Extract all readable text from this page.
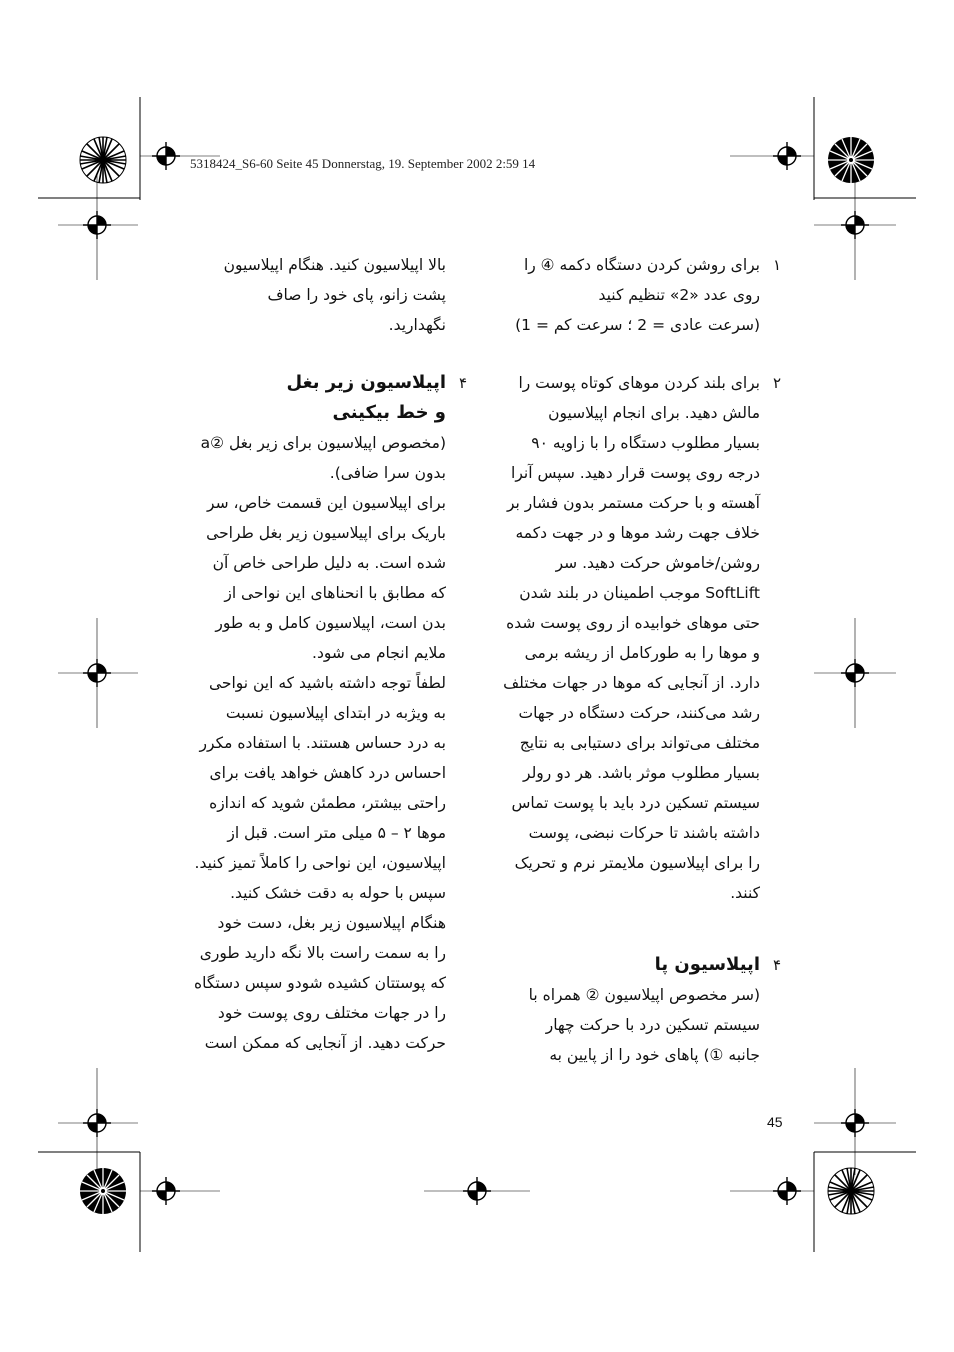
5318424_S6-60 Seite 45 Donnerstag, 19. September 2002 2:59 14
۱
برای روشن کردن دستگاه دکمه ④ را
روی عدد «2» تنظیم کنید
(سرعت عادی = 2 ؛ سرعت کم = 1)
۲
برای بلند کردن موهای کوتاه پوست را
مالش دهید. برای انجام اپیلاسیون
بسیار مطلوب دستگاه را با زاویه ۹۰
درجه روی پوست قرار دهید. سپس آنرا
آهسته و با حرکت مستمر بدون فشار بر
خلاف جهت رشد موها و در جهت دکمه
روشن/خاموش حرکت دهید. سر
SoftLift موجب اطمینان در بلند شدن
حتی موهای خوابیده از روی پوست شده
و موها را به طورکامل از ریشه برمی
دارد. از آنجایی که موها در جهات مختلف
رشد می‌کنند، حرکت دستگاه در جهات
مختلف می‌تواند برای دستیابی به نتایج
بسیار مطلوب موثر باشد. هر دو رولر
سیستم تسکین درد باید با پوست تماس
داشته باشند تا حرکات نبضی، پوست
را برای اپیلاسیون ملایمتر نرم و تحریک
کنند.
۴
اپیلاسیون پا
(سر مخصوص اپیلاسیون ② همراه با
سیستم تسکین درد با حرکت چهار
جانبه ①) پاهای خود را از پایین به
بالا اپیلاسیون کنید. هنگام اپیلاسیون
پشت زانو، پای خود را صاف
نگهدارید.
۴
اپیلاسیون زیر بغل
و خط بیکینی
(مخصوص اپیلاسیون برای زیر بغل ②a
بدون سرا ضافی).
برای اپیلاسیون این قسمت خاص، سر
باریک برای اپیلاسیون زیر بغل طراحی
شده است. به دلیل طراحی خاص آن
که مطابق با انحناهای این نواحی از
بدن است، اپیلاسیون کامل و به طور
ملایم انجام می شود.
لطفاً توجه داشته باشید که این نواحی
به ویژبه در ابتدای اپیلاسیون نسبت
به درد حساس هستند. با استفاده مکرر
احساس درد کاهش خواهد یافت برای
راحتی بیشتر، مطمئن شوید که اندازه
موها ۲ – ۵ میلی متر است. قبل از
اپیلاسیون، این نواحی را کاملاً تمیز کنید.
سپس با حوله به دقت خشک کنید.
هنگام اپیلاسیون زیر بغل، دست خود
را به سمت راست بالا نگه دارید طوری
که پوستتان کشیده شودو سپس دستگاه
را در جهات مختلف روی پوست خود
حرکت دهید. از آنجایی که ممکن است
45
